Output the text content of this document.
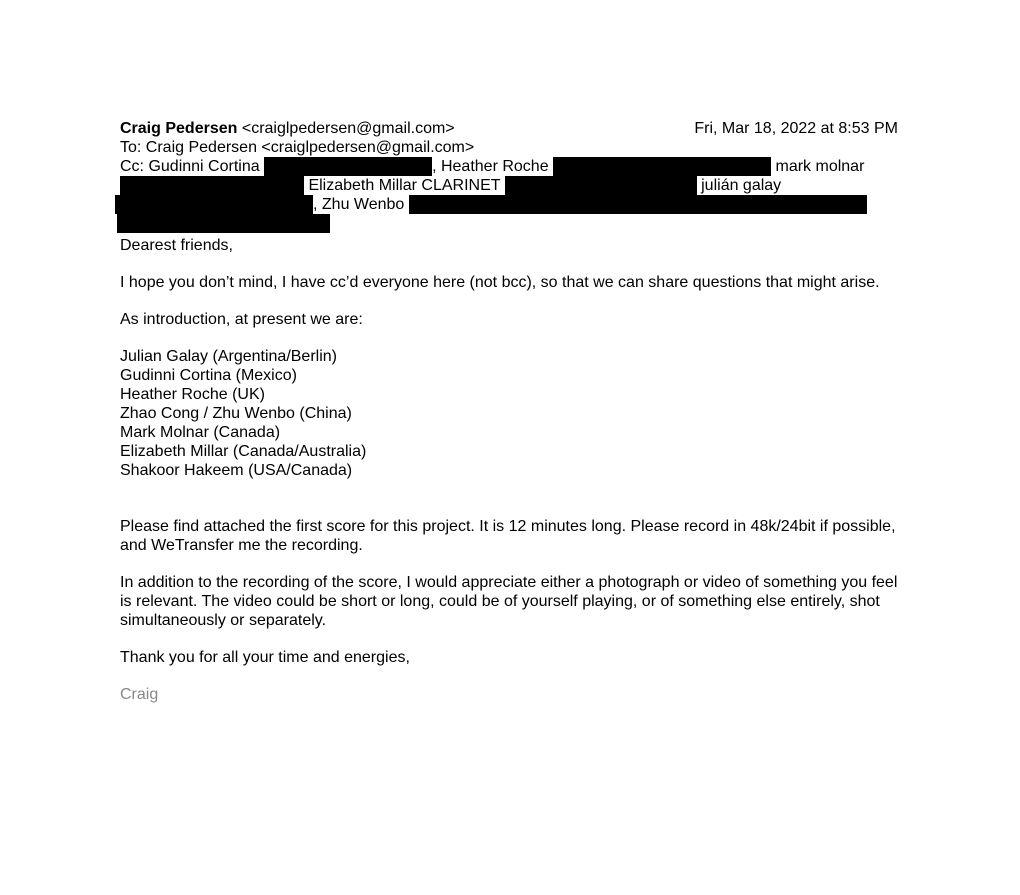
Craig Pedersen <craiglpedersen@gmail.com>	Fri, Mar 18, 2022 at 8:53 PM
To: Craig Pedersen <craiglpedersen@gmail.com>
Cc: Gudinni Cortina	, Heather Roche	mark molnar
Elizabeth Millar CLARINET	julián galay
, Zhu Wenbo
Dearest friends,
I hope you don’t mind, I have cc’d everyone here (not bcc), so that we can share questions that might arise.
As introduction, at present we are:
Julian Galay (Argentina/Berlin)
Gudinni Cortina (Mexico)
Heather Roche (UK)
Zhao Cong / Zhu Wenbo (China)
Mark Molnar (Canada)
Elizabeth Millar (Canada/Australia)
Shakoor Hakeem (USA/Canada)
Please find attached the first score for this project. It is 12 minutes long. Please record in 48k/24bit if possible, and WeTransfer me the recording.
In addition to the recording of the score, I would appreciate either a photograph or video of something you feel is relevant. The video could be short or long, could be of yourself playing, or of something else entirely, shot simultaneously or separately.
Thank you for all your time and energies,
Craig
